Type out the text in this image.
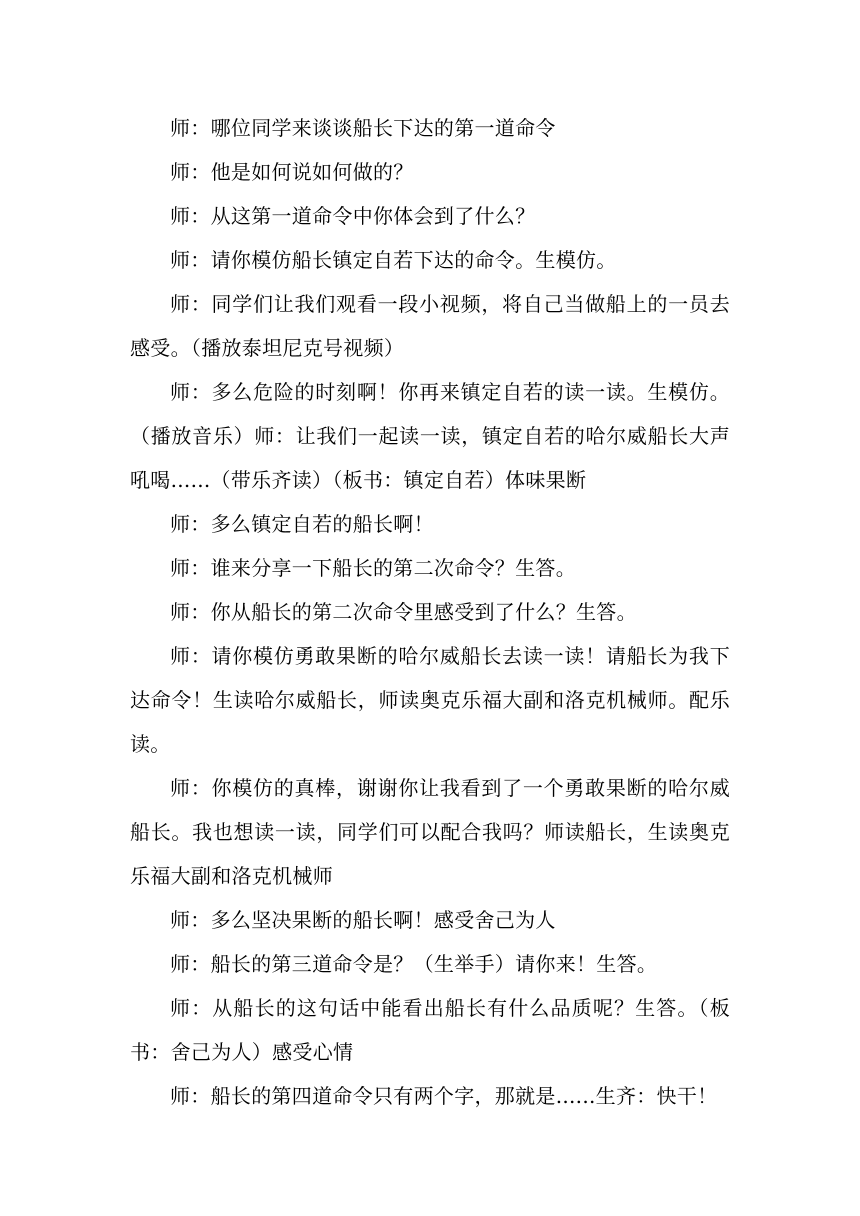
师：哪位同学来谈谈船长下达的第一道命令

师：他是如何说如何做的？

师：从这第一道命令中你体会到了什么？

师：请你模仿船长镇定自若下达的命令。生模仿。

师：同学们让我们观看一段小视频，将自己当做船上的一员去感受。（播放泰坦尼克号视频）

师：多么危险的时刻啊！你再来镇定自若的读一读。生模仿。（播放音乐）师：让我们一起读一读，镇定自若的哈尔威船长大声吼喝......（带乐齐读）（板书：镇定自若）体味果断

师：多么镇定自若的船长啊！

师：谁来分享一下船长的第二次命令？生答。

师：你从船长的第二次命令里感受到了什么？生答。

师：请你模仿勇敢果断的哈尔威船长去读一读！请船长为我下达命令！生读哈尔威船长，师读奥克乐福大副和洛克机械师。配乐读。

师：你模仿的真棒，谢谢你让我看到了一个勇敢果断的哈尔威船长。我也想读一读，同学们可以配合我吗？师读船长，生读奥克乐福大副和洛克机械师

师：多么坚决果断的船长啊！感受舍己为人

师：船长的第三道命令是？（生举手）请你来！生答。

师：从船长的这句话中能看出船长有什么品质呢？生答。（板书：舍己为人）感受心情

师：船长的第四道命令只有两个字，那就是......生齐：快干！
